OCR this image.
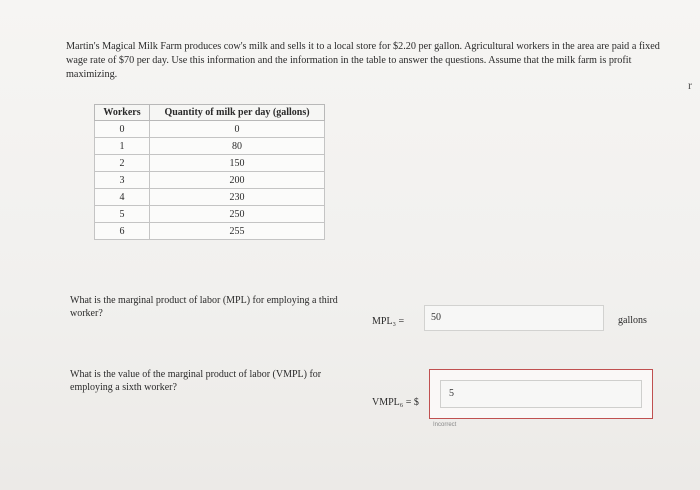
Martin's Magical Milk Farm produces cow's milk and sells it to a local store for $2.20 per gallon. Agricultural workers in the area are paid a fixed wage rate of $70 per day. Use this information and the information in the table to answer the questions. Assume that the milk farm is profit maximizing.
Workers	Quantity of milk per day (gallons)
0	0
1	80
2	150
3	200
4	230
5	250
6	255
What is the marginal product of labor (MPL) for employing a third worker?
MPL₃ =	50	gallons
What is the value of the marginal product of labor (VMPL) for employing a sixth worker?
VMPL₆ = $
5
Incorrect
r
